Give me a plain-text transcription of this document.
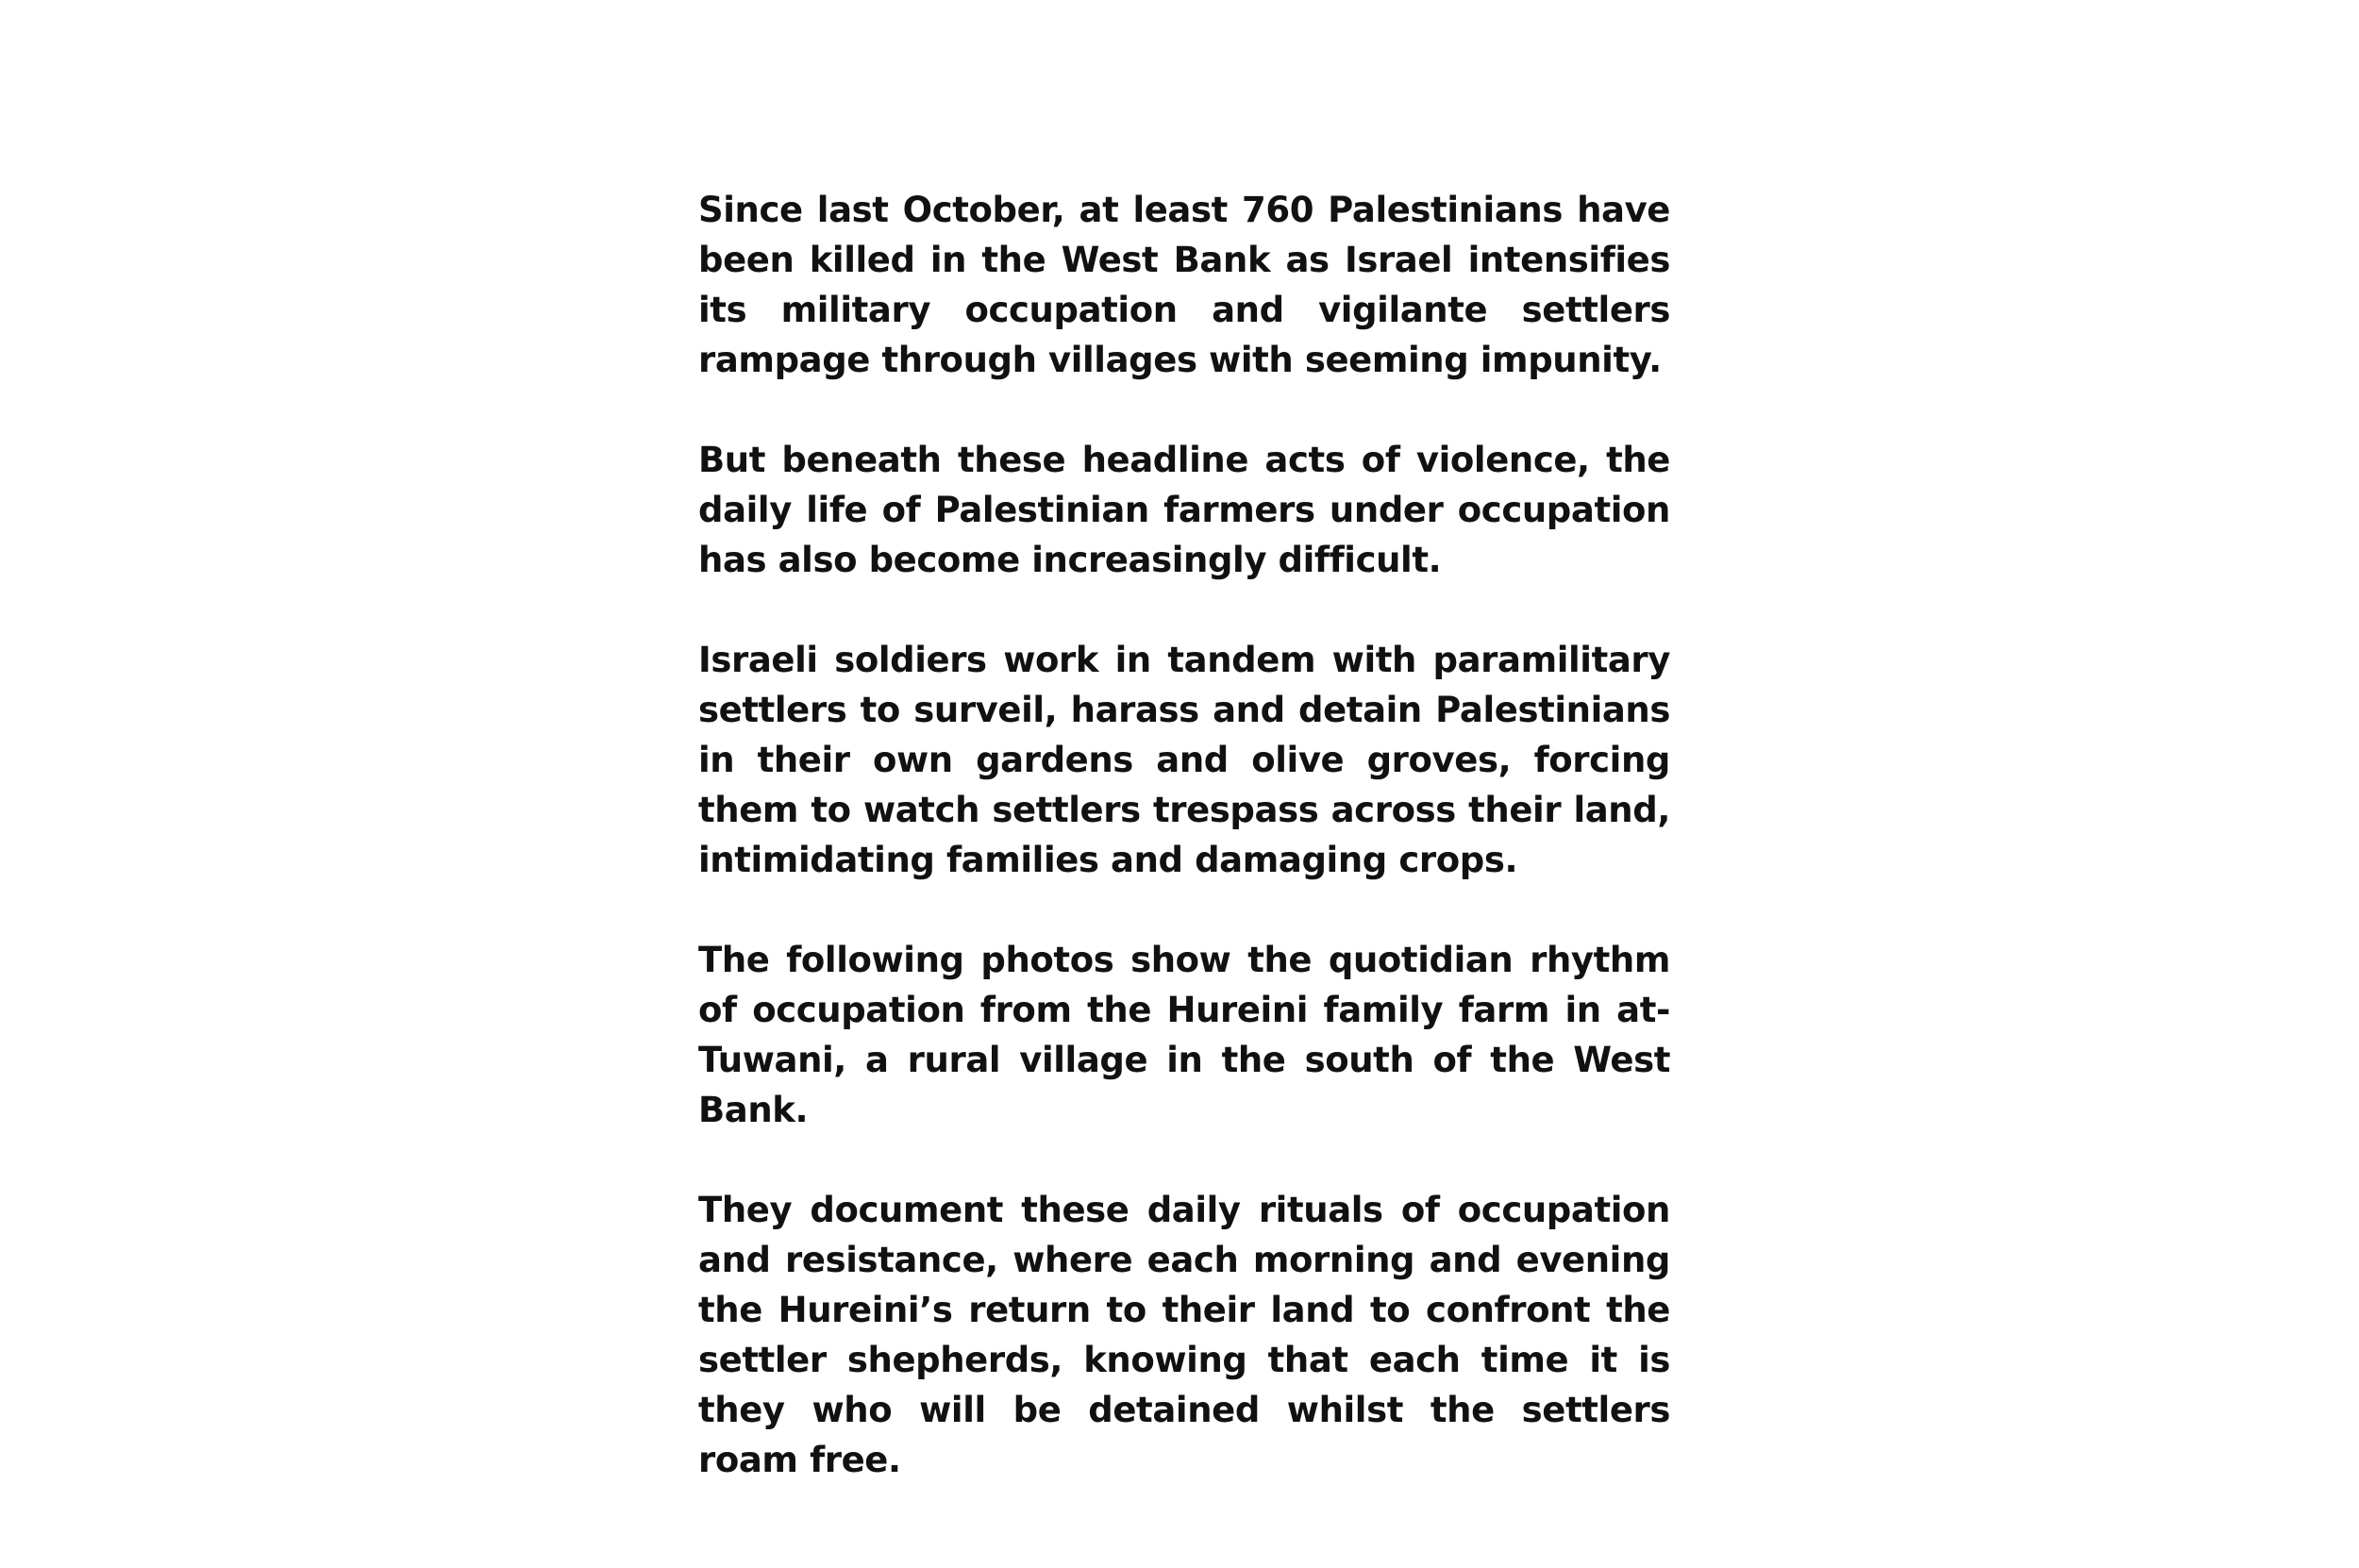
Since last October, at least 760 Palestinians have been killed in the West Bank as Israel intensifies its military occupation and vigilante settlers rampage through villages with seeming impunity.

But beneath these headline acts of violence, the daily life of Palestinian farmers under occupation has also become increasingly difficult.

Israeli soldiers work in tandem with paramilitary settlers to surveil, harass and detain Palestinians in their own gardens and olive groves, forcing them to watch settlers trespass across their land, intimidating families and damaging crops.

The following photos show the quotidian rhythm of occupation from the Hureini family farm in at-Tuwani, a rural village in the south of the West Bank.

They document these daily rituals of occupation and resistance, where each morning and evening the Hureini’s return to their land to confront the settler shepherds, knowing that each time it is they who will be detained whilst the settlers roam free.
